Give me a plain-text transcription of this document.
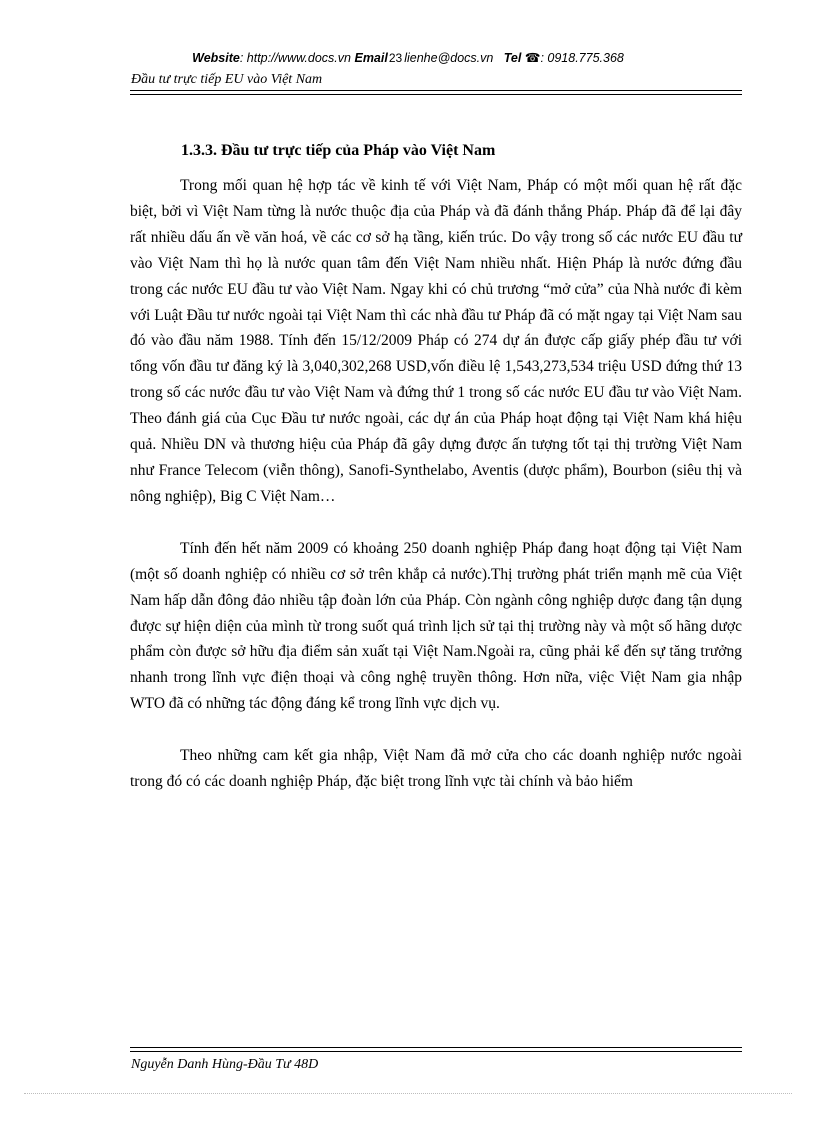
Website: http://www.docs.vn Email23 lienhe@docs.vn Tel ☎: 0918.775.368
Đầu tư trực tiếp EU vào Việt Nam
1.3.3. Đầu tư trực tiếp của Pháp vào Việt Nam

Trong mối quan hệ hợp tác về kinh tế với Việt Nam, Pháp có một mối quan hệ rất đặc biệt, bởi vì Việt Nam từng là nước thuộc địa của Pháp và đã đánh thắng Pháp. Pháp đã để lại đây rất nhiều dấu ấn về văn hoá, về các cơ sở hạ tầng, kiến trúc. Do vậy trong số các nước EU đầu tư vào Việt Nam thì họ là nước quan tâm đến Việt Nam nhiều nhất. Hiện Pháp là nước đứng đầu trong các nước EU đầu tư vào Việt Nam. Ngay khi có chủ trương “mở cửa” của Nhà nước đi kèm với Luật Đầu tư nước ngoài tại Việt Nam thì các nhà đầu tư Pháp đã có mặt ngay tại Việt Nam sau đó vào đầu năm 1988. Tính đến 15/12/2009 Pháp có 274 dự án được cấp giấy phép đầu tư với tổng vốn đầu tư đăng ký là 3,040,302,268 USD,vốn điều lệ 1,543,273,534 triệu USD đứng thứ 13 trong số các nước đầu tư vào Việt Nam và đứng thứ 1 trong số các nước EU đầu tư vào Việt Nam. Theo đánh giá của Cục Đầu tư nước ngoài, các dự án của Pháp hoạt động tại Việt Nam khá hiệu quả. Nhiều DN và thương hiệu của Pháp đã gây dựng được ấn tượng tốt tại thị trường Việt Nam như France Telecom (viễn thông), Sanofi-Synthelabo, Aventis (dược phẩm), Bourbon (siêu thị và nông nghiệp), Big C Việt Nam…

Tính đến hết năm 2009 có khoảng 250 doanh nghiệp Pháp đang hoạt động tại Việt Nam (một số doanh nghiệp có nhiều cơ sở trên khắp cả nước).Thị trường phát triển mạnh mẽ của Việt Nam hấp dẫn đông đảo nhiều tập đoàn lớn của Pháp. Còn ngành công nghiệp dược đang tận dụng được sự hiện diện của mình từ trong suốt quá trình lịch sử tại thị trường này và một số hãng dược phẩm còn được sở hữu địa điểm sản xuất tại Việt Nam.Ngoài ra, cũng phải kể đến sự tăng trưởng nhanh trong lĩnh vực điện thoại và công nghệ truyền thông. Hơn nữa, việc Việt Nam gia nhập WTO đã có những tác động đáng kể trong lĩnh vực dịch vụ.

Theo những cam kết gia nhập, Việt Nam đã mở cửa cho các doanh nghiệp nước ngoài trong đó có các doanh nghiệp Pháp, đặc biệt trong lĩnh vực tài chính và bảo hiểm

Nguyễn Danh Hùng-Đầu Tư 48D
